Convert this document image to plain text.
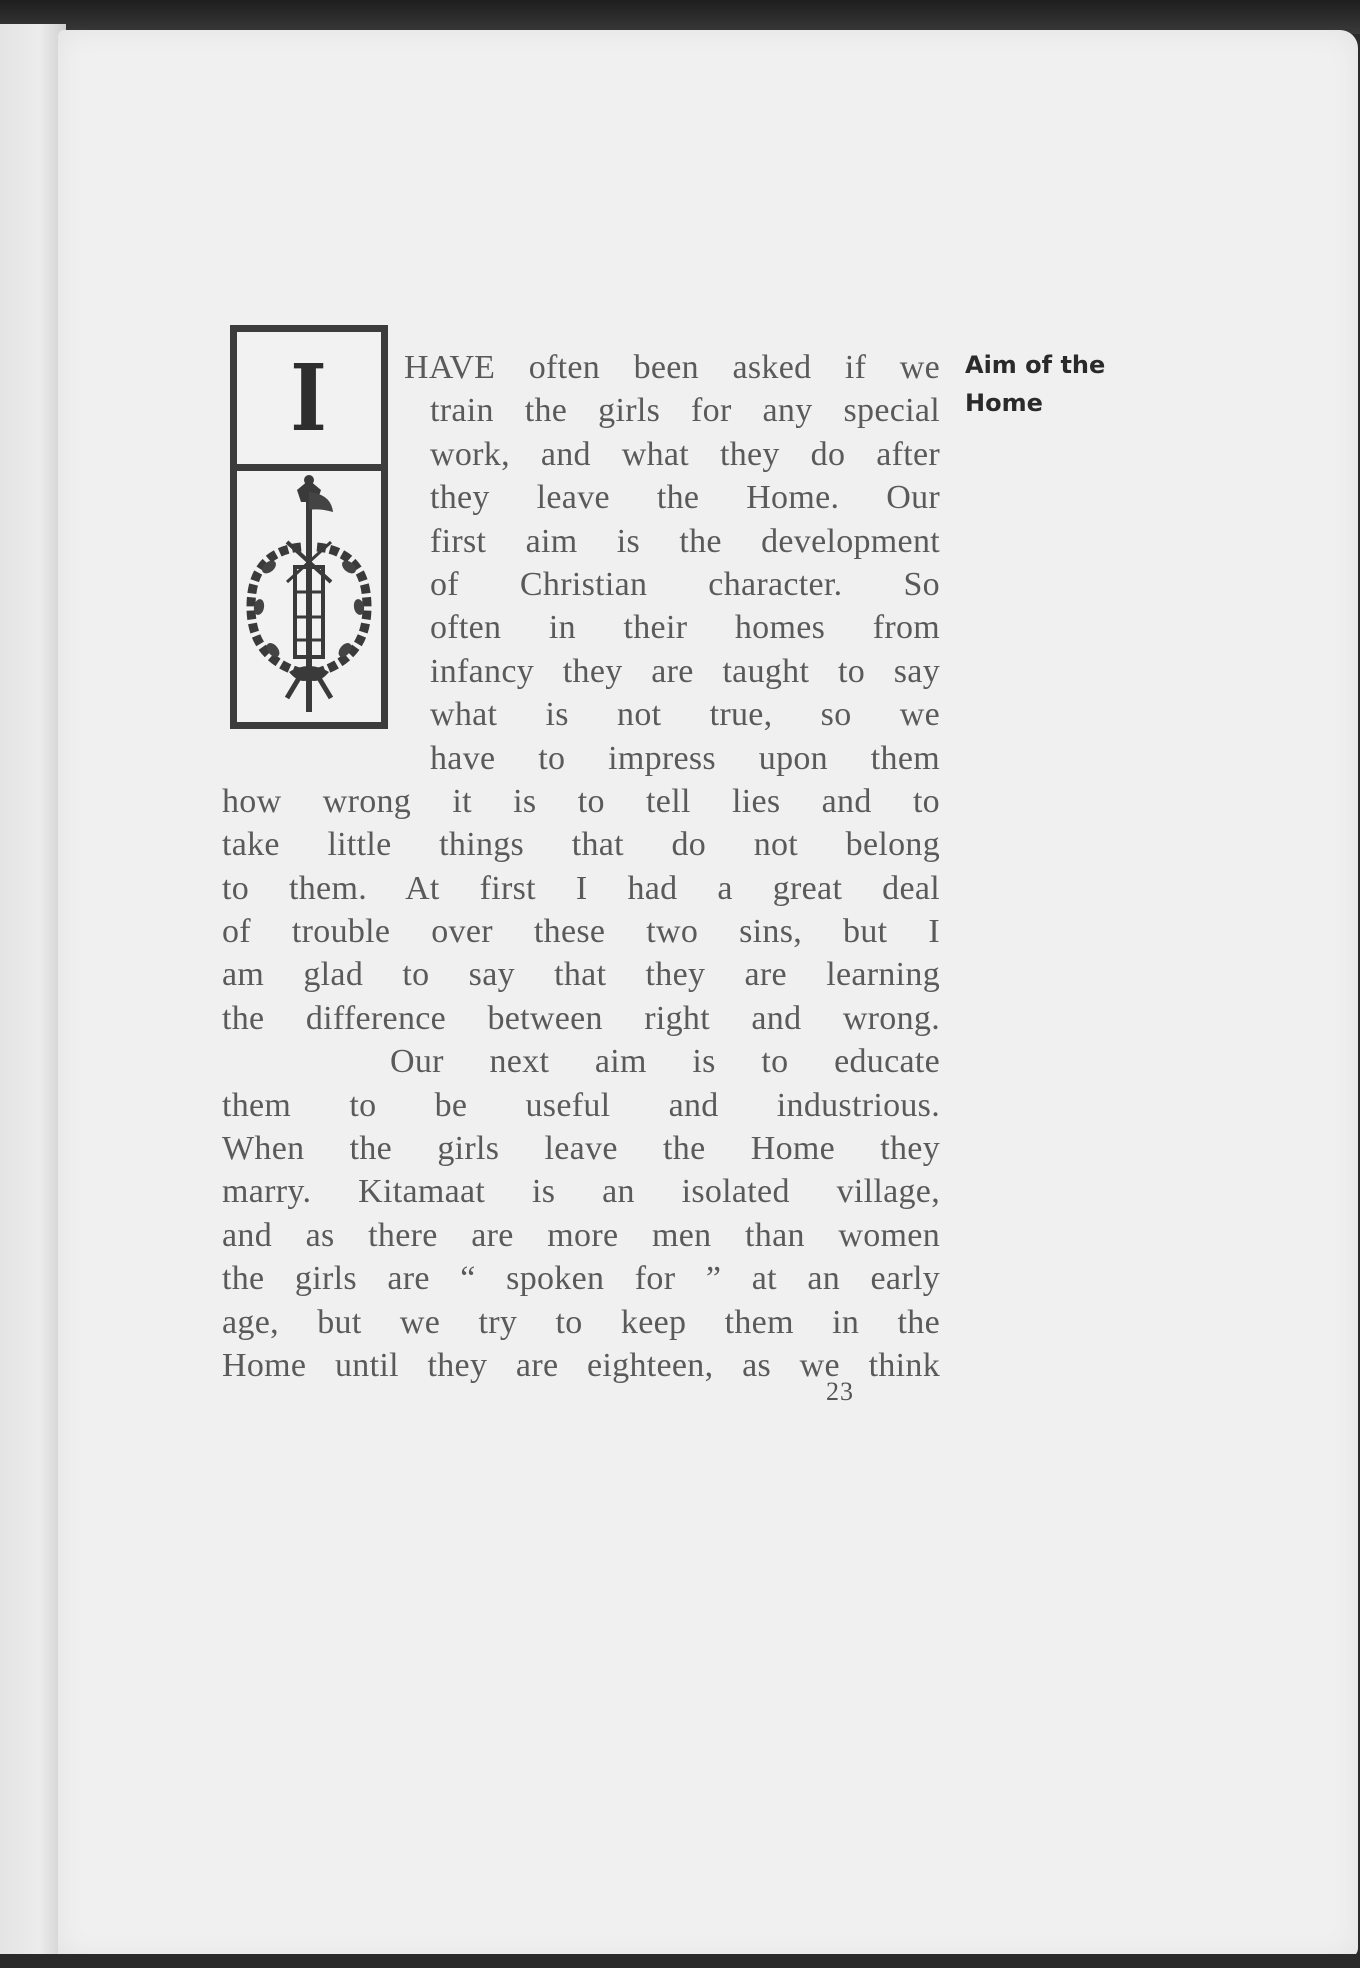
I	HAVE often been asked if we
train the girls for any special
work, and what they do after
they leave the Home. Our
first aim is the development
of Christian character. So
often in their homes from
infancy they are taught to say
what is not true, so we
have to impress upon them
how wrong it is to tell lies and to
take little things that do not belong
to them. At first I had a great deal
of trouble over these two sins, but I
am glad to say that they are learning
the difference between right and wrong.
Our next aim is to educate
them to be useful and industrious.
When the girls leave the Home they
marry. Kitamaat is an isolated village,
and as there are more men than women
the girls are “ spoken for ” at an early
age, but we try to keep them in the
Home until they are eighteen, as we think
Aim of the
Home
23
